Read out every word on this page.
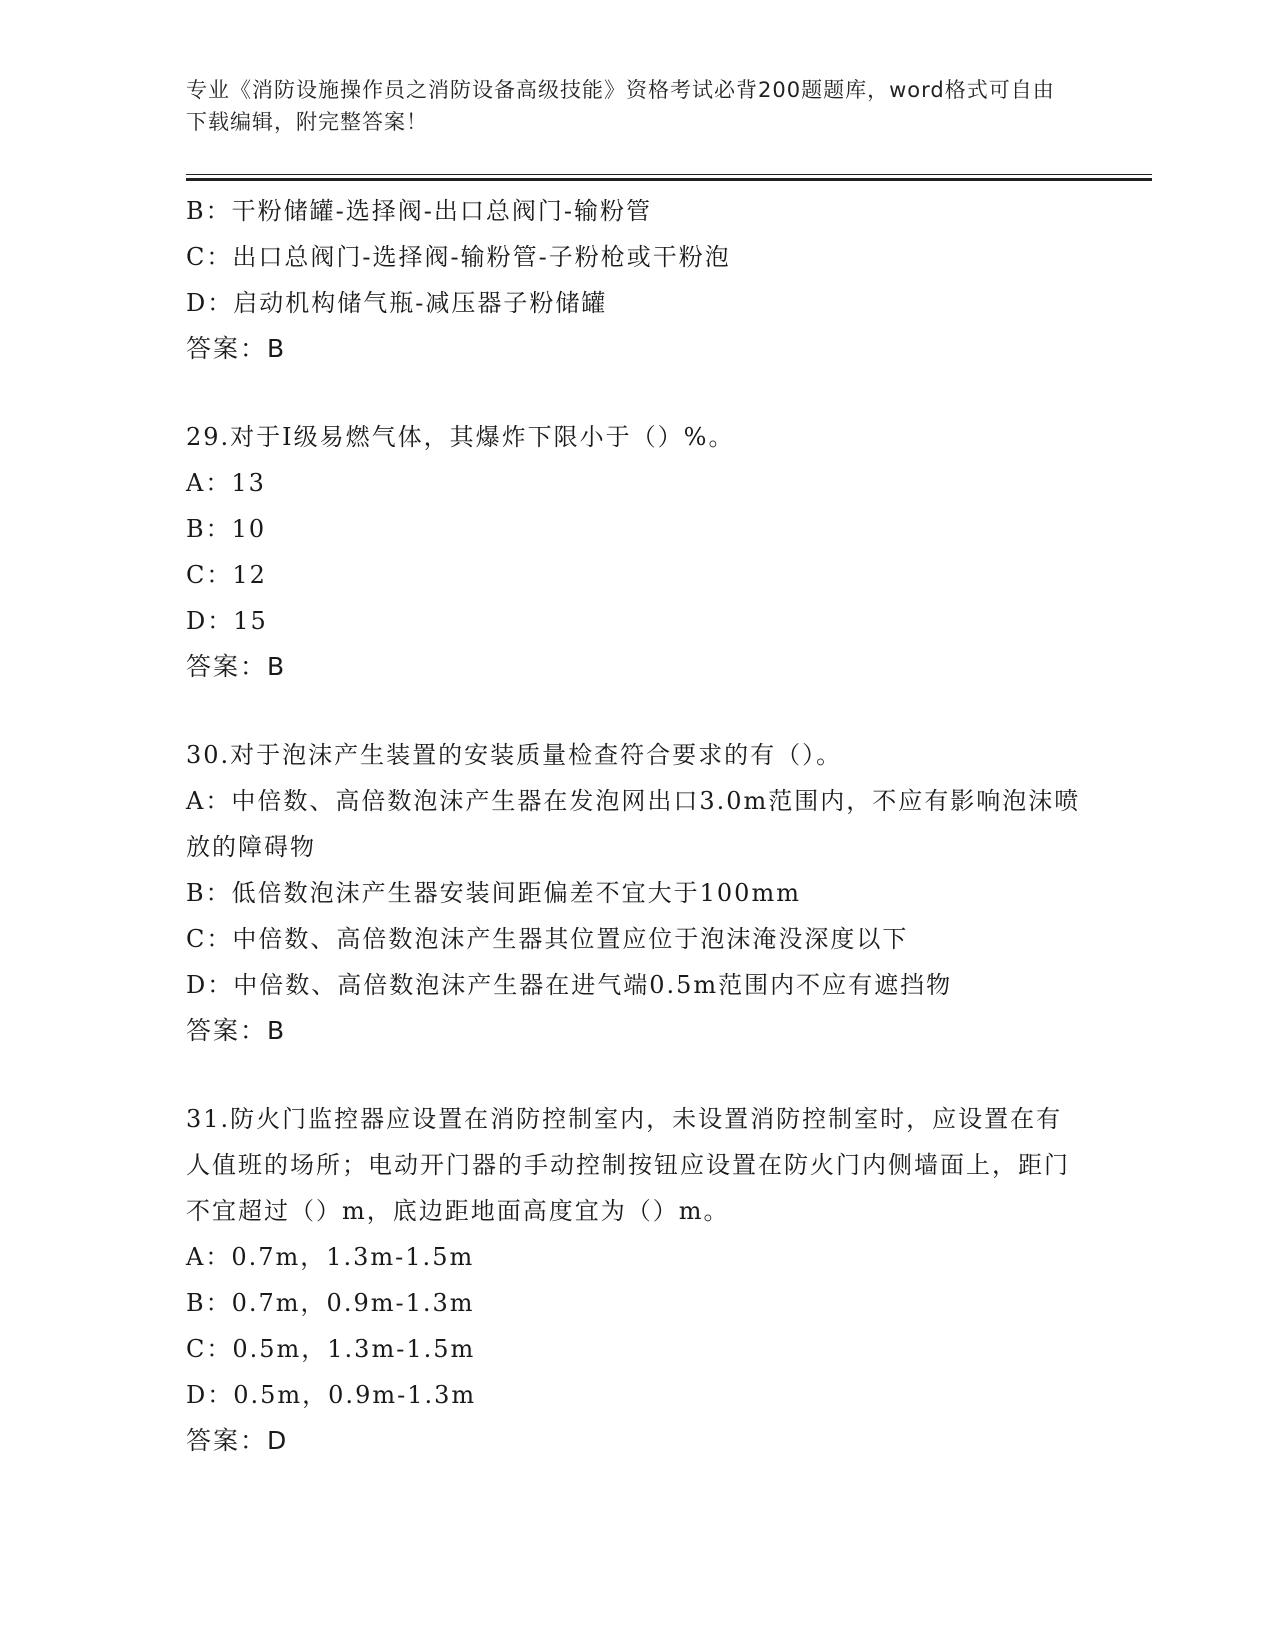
专业《消防设施操作员之消防设备高级技能》资格考试必背200题题库，word格式可自由下载编辑，附完整答案！

B：干粉储罐-选择阀-出口总阀门-输粉管

C：出口总阀门-选择阀-输粉管-子粉枪或干粉泡

D：启动机构储气瓶-减压器子粉储罐

答案：B

29.对于Ⅰ级易燃气体，其爆炸下限小于（）%。

A：13

B：10

C：12

D：15

答案：B

30.对于泡沫产生装置的安装质量检查符合要求的有（）。

A：中倍数、高倍数泡沫产生器在发泡网出口3.0m范围内，不应有影响泡沫喷放的障碍物

B：低倍数泡沫产生器安装间距偏差不宜大于100mm

C：中倍数、高倍数泡沫产生器其位置应位于泡沫淹没深度以下

D：中倍数、高倍数泡沫产生器在进气端0.5m范围内不应有遮挡物

答案：B

31.防火门监控器应设置在消防控制室内，未设置消防控制室时，应设置在有人值班的场所；电动开门器的手动控制按钮应设置在防火门内侧墙面上，距门不宜超过（）m，底边距地面高度宜为（）m。

A：0.7m，1.3m-1.5m

B：0.7m，0.9m-1.3m

C：0.5m，1.3m-1.5m

D：0.5m，0.9m-1.3m

答案：D
